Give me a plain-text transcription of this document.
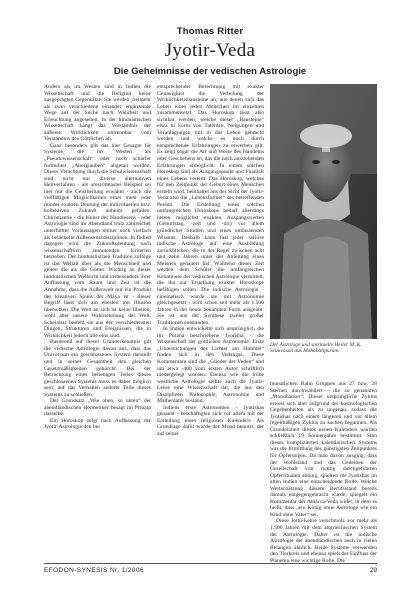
Thomas Ritter
Jyotir-Veda
Die Geheimnisse der vedischen Astrologie

Anders als im Westen sind in Indien die Wissenschaft und die Religion keine ausgeprägten Gegensätze. Sie werden vielmehr als zwei verschiedene einander ergänzende Wege auf der Suche nach Wahrheit und Erleuchtung angesehen. In der hinduistischen Wissenschaft hängt das Verständnis der äußeren Wirklichkeit untrennbar vom Verständnis des Göttlichen ab.

Ganz besonders gilt das hier Gesagte für Systeme, die im Westen als „Pseudowissenschaft“ oder noch schärfer formuliert „Aberglauben“ abgetan werden. Dieser Verachtung durch die Schulwissenschaft sind nicht nur diverse alternativen Heilverfahren - als umstrittenstes Beispiel sei hier nur die Geistheilung erwähnt - auch die vielfältigen Möglichkeiten einer mehr oder minder exakten Deutung der individuellen bzw. kollektiven Zukunft anheim gefallen. Chiromantie - die Kunst des Handlesens - oder Astrologie sind im Abendland trotz zahlreicher unterfüttter Voraussagen immer noch vielfach als belächelte Außenseiterdisziplinen. In Indien dagegen wird die Zukunftsdeutung nach wissenschaftlich anmutenden Kriterien betrieben. Der hinduistischen Tradition zufolge ist das Weltall über als die Menschheit und gelten die als die Götter. Wichtig an dieser hinduistischen Weltsicht und insbesondere ihrer Auffassung vom Raum und Zeit ist die Annahme, dass die Außenwelt nur ein Produkt des kreativen Spiels der Maya ist - dieser Begriff lässt sich am ehesten mit Illusion übersetzen. Die Welt an sich ist keine Illusion, wohl aber unsere Wahrnehmung der Welt. Scheinbar besteht sie aus der verschiedensten Dingen, Strukturen und Ereignissen, die in Wirklichkeit jedoch alle eins sind.

Basierend auf dieser Grunderkenntnis gilt die vedische Astrologie davon aus, dass das Universum ein geschlossenes System darstellt und in seiner Gesamtheit den gleichen Gesetzmäßigkeiten gehorcht. Bei der Betrachtung eines beliebigen Teiles dieses geschlossenen Systems muss es daher möglich sein, auf das Verhalten anderer Teile dieses Systems zu schließen.

Der Grundsatz „Wie oben, so unten“ der abendländischen Hermetiker besagt im Prinzip dasselbe.

Ein Horoskop zeigt nach Auffassung der Jyotir-Astrologie den bei

entsprechender Berechnung mit exakter Genauigkeit die Verteilung der Wirklichkeitsbausteine an, aus denen sich das Leben eines jeden Menschen im einzelnen zusammensetzt. Das Horoskop lässt also sichtbar werden, welche dieser „Bausteine“ etwa in Form von Talenten, Neigungen und Veranlagungen mit in das Leben gebracht werden und welche es noch durch entsprechende Erfahrungen zu erwerben gilt. Es zeigt sogar die Art und Weise des Handelns oder Geschehens an, das die noch ausstehenden Erfahrungen ermöglicht. In einem solchen Horoskop sind als Ausgangspunkt und Finalität eines Lebens vereint. Das Horoskop, welches für den Zeitpunkt der Geburt eines Menschen erstellt wird, beinhaltet aus der Sicht der Jyotir-Veda also die „Lebensformel“ des betreffenden Person. Die Erstellung eines solchen umfangreichen Horoskops bedarf allerdings neben möglichst exakten Ausgangswerten (Geburtstag, -zeit und -ort) vor allem gründlicher Studien und eines umfassenden Wissens. Deshalb kann fast jeder seriöse indische Astrologe auf eine Ausbildung zurückblicken, die in der Regel zwischen acht und zehn Jahren unter der Anleitung eines Meisters gedauert hat. Während dieser Zeit werden dem Schüler die umfangreichen Kenntnisse der vedischen Astrologie vermittelt, die ihn zur Erstellung exakter Horoskope befähigen sollen. Die indische Astrologie - cinematisch wurde sie mit Astronomie gleichgesetzt - wird schon seit mehr als 1.500 Jahren in der heute bekannten Form ausgeübt. Sie ist aus der Synthese zweier großer Traditionen entstanden.

In Indien entwickelte sich ursprünglich die im Purana beschriebene Jyotisha - die Wissenschaft der göttlichen Astronomie. Erste „Untersuchungen der Lichter am Himmel“ finden sich in den Vedangas. Diese Kommentare sind die „Glieder der Veden“ und um etwa -400 vom ersten Autor schriftlich niedergelegt worden. Ebenso wie die frühe westliche Astrologie stellte auch die Jyotir-Lehre eine Wissenschaft dar, die aus den Disziplinen Philosophie, Astronomie und Mathematik bestand.

Indiens erste Astronomen - Jyotishas genannt - beschäftigten sich vor allem mit der Erstellung eines religiösen Kalenders. Als Grundlage dafür wurde der Mond benutzt, der auf seiner

Der Astrologe und spirituelle Heiler M. K. Srinivasan aus Mahabalipuram.

monatlichen Bahn Gruppen aus 27 bzw. 28 Sternen durchwandert - die so genannten „Mondhäuser“. Dieser ursprüngliche Zyklus erweis sich aber aufgrund der kosmologischen Gegebenheiten als zu ungenau, sodass die Jyotishas nach einem längeren und vor allem regelmäßigen Zyklus zu suchen begannen. Als Grundeinheit dieses neuen Kalenders wurden schließlich 19 Sonnenjahre bestimmt. Sinn dieses komplizierten kalendarischen Systems war die Ermittlung des günstigsten Zeitpunktes für Opferungen. Da man davon ausging, dass der Wohlstand und das Gedeihen der Gesellschaft von richtig durchgeführten Opferritualen abhing, spielten die Jyotishas im alten Indien eine entscheidende Rolle. Welche Wertschätzung diesem Berufsstand bereits damals entgegengebracht wurde, spiegelt ein Kommentar der Atharva-Veda wider, in dem es heißt, dass „ein König ohne Astrologe wie ein Kind ohne Vater“ sei.

Diese Jothi-Lehre verschmolz vor mehr als 1.500 Jahren mit dem altgriechischen System der Astrologie. Daher ist die indische Astrologie der abendländischen auch in vielen Belangen ähnlich. Beide Systeme verwenden den Tierkreis und ebenso spielt der Einfluss der Planeten eine wichtige Rolle. Die

EFODON-SYNESIS Nr. 1/2006	29
